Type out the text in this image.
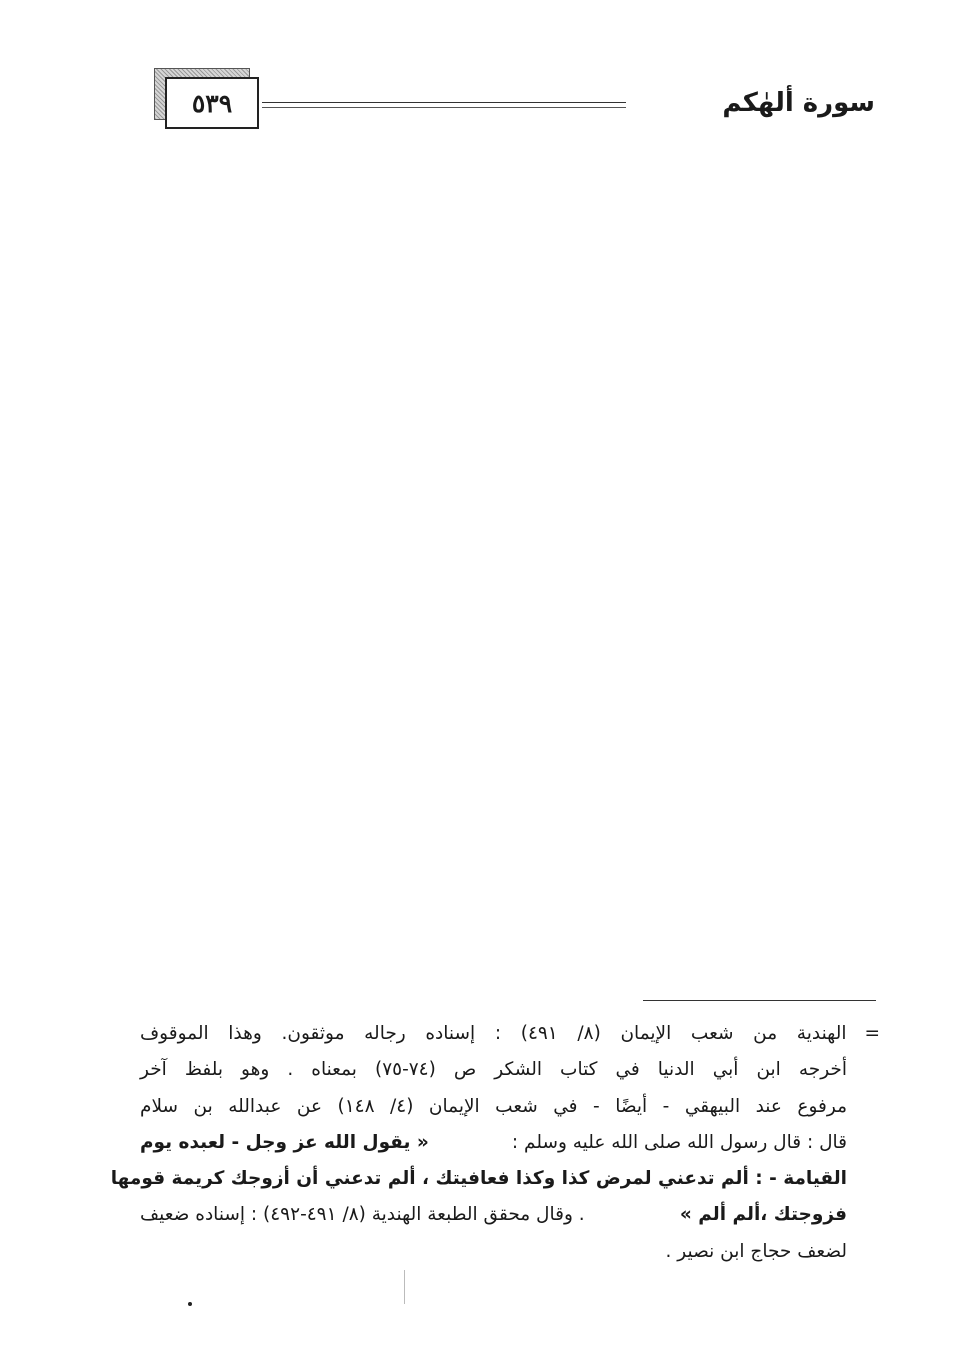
٥٣٩	سورة ألهٰكم
=
الهندية من شعب الإيمان (٨/ ٤٩١) : إسناده رجاله موثقون. وهذا الموقوف
أخرجه ابن أبي الدنيا في كتاب الشكر ص (٧٤-٧٥) بمعناه . وهو بلفظ آخر
مرفوع عند البيهقي - أيضًا - في شعب الإيمان (٤/ ١٤٨) عن عبدالله بن سلام
قال : قال رسول الله صلى الله عليه وسلم :
« يقول الله عز وجل - لعبده يوم
القيامة - : ألم تدعني لمرض كذا وكذا فعافيتك ، ألم تدعني أن أزوجك كريمة قومها
فزوجتك ،ألم ألم »
. وقال محقق الطبعة الهندية (٨/ ٤٩١-٤٩٢) : إسناده ضعيف
لضعف حجاج ابن نصير .
